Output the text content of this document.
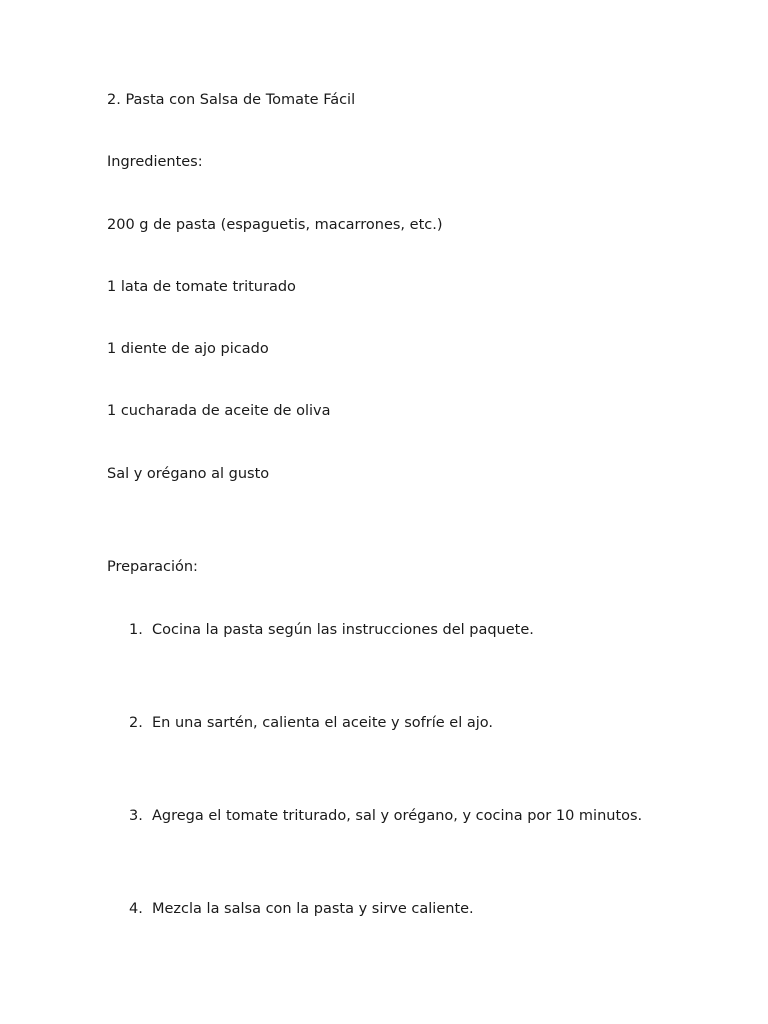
2. Pasta con Salsa de Tomate Fácil
Ingredientes:
200 g de pasta (espaguetis, macarrones, etc.)
1 lata de tomate triturado
1 diente de ajo picado
1 cucharada de aceite de oliva
Sal y orégano al gusto
Preparación:
1. Cocina la pasta según las instrucciones del paquete.
2. En una sartén, calienta el aceite y sofríe el ajo.
3. Agrega el tomate triturado, sal y orégano, y cocina por 10 minutos.
4. Mezcla la salsa con la pasta y sirve caliente.
